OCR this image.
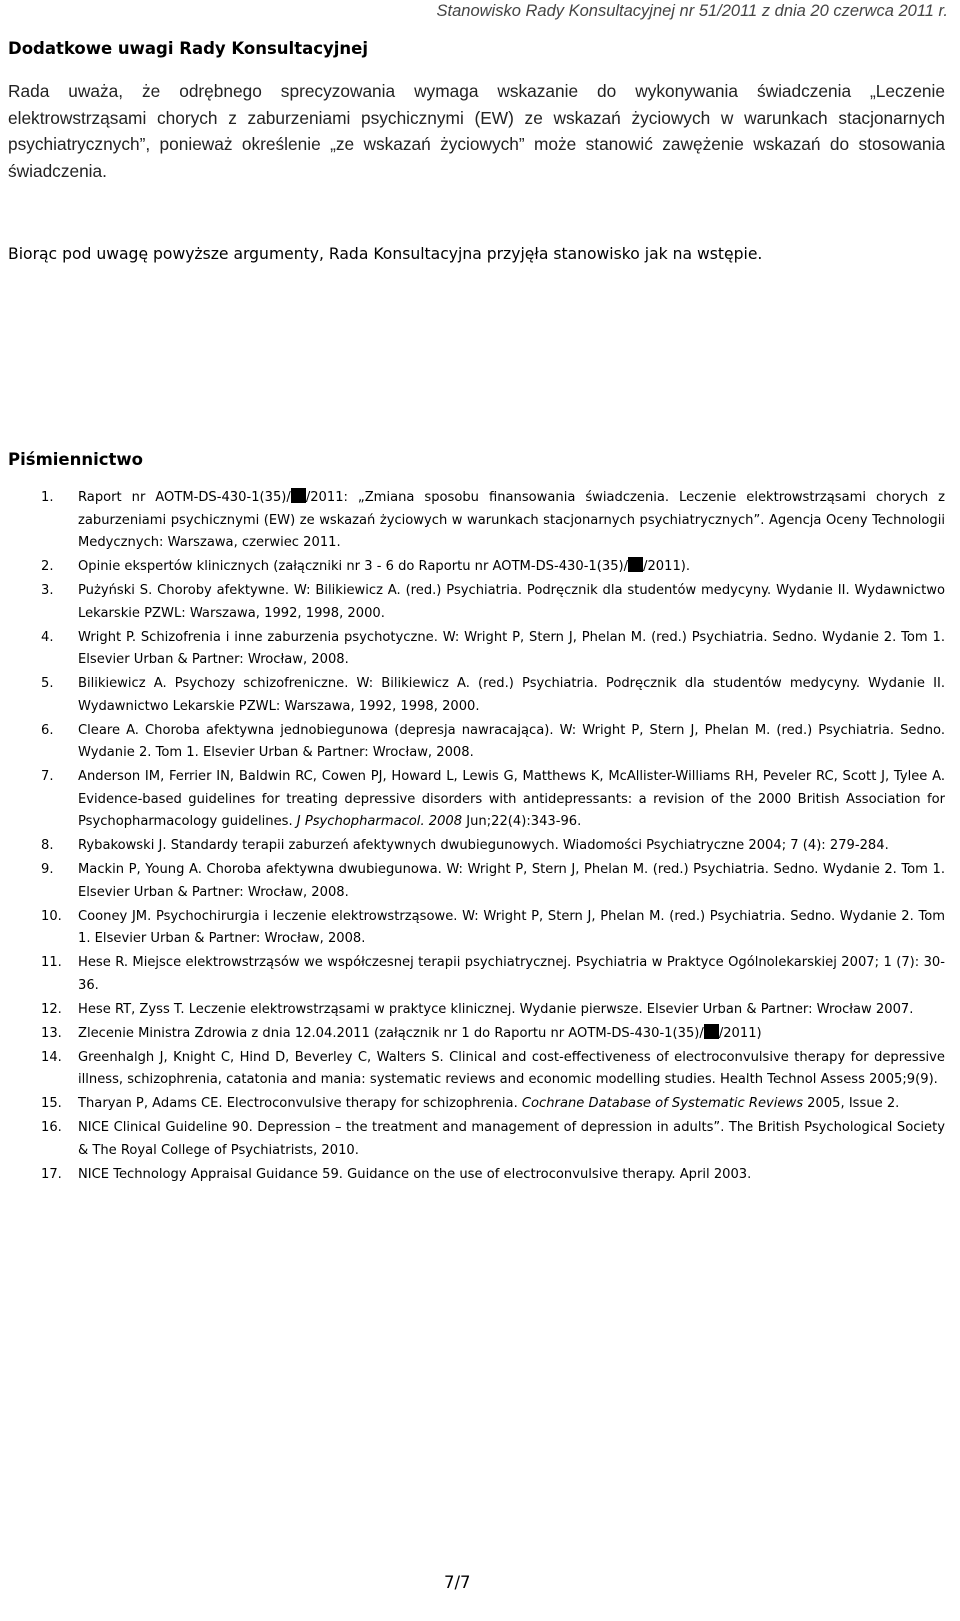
Stanowisko Rady Konsultacyjnej nr 51/2011 z dnia 20 czerwca 2011 r.
Dodatkowe uwagi Rady Konsultacyjnej
Rada uważa, że odrębnego sprecyzowania wymaga wskazanie do wykonywania świadczenia „Leczenie elektrowstrząsami chorych z zaburzeniami psychicznymi (EW) ze wskazań życiowych w warunkach stacjonarnych psychiatrycznych”, ponieważ określenie „ze wskazań życiowych” może stanowić zawężenie wskazań do stosowania świadczenia.
Biorąc pod uwagę powyższe argumenty, Rada Konsultacyjna przyjęła stanowisko jak na wstępie.
Piśmiennictwo
1. Raport nr AOTM-DS-430-1(35)/ /2011: „Zmiana sposobu finansowania świadczenia. Leczenie elektrowstrząsami chorych z zaburzeniami psychicznymi (EW) ze wskazań życiowych w warunkach stacjonarnych psychiatrycznych”. Agencja Oceny Technologii Medycznych: Warszawa, czerwiec 2011.
2. Opinie ekspertów klinicznych (załączniki nr 3 - 6 do Raportu nr AOTM-DS-430-1(35)/ /2011).
3. Pużyński S. Choroby afektywne. W: Bilikiewicz A. (red.) Psychiatria. Podręcznik dla studentów medycyny. Wydanie II. Wydawnictwo Lekarskie PZWL: Warszawa, 1992, 1998, 2000.
4. Wright P. Schizofrenia i inne zaburzenia psychotyczne. W: Wright P, Stern J, Phelan M. (red.) Psychiatria. Sedno. Wydanie 2. Tom 1. Elsevier Urban & Partner: Wrocław, 2008.
5. Bilikiewicz A. Psychozy schizofreniczne. W: Bilikiewicz A. (red.) Psychiatria. Podręcznik dla studentów medycyny. Wydanie II. Wydawnictwo Lekarskie PZWL: Warszawa, 1992, 1998, 2000.
6. Cleare A. Choroba afektywna jednobiegunowa (depresja nawracająca). W: Wright P, Stern J, Phelan M. (red.) Psychiatria. Sedno. Wydanie 2. Tom 1. Elsevier Urban & Partner: Wrocław, 2008.
7. Anderson IM, Ferrier IN, Baldwin RC, Cowen PJ, Howard L, Lewis G, Matthews K, McAllister-Williams RH, Peveler RC, Scott J, Tylee A. Evidence-based guidelines for treating depressive disorders with antidepressants: a revision of the 2000 British Association for Psychopharmacology guidelines. J Psychopharmacol. 2008 Jun;22(4):343-96.
8. Rybakowski J. Standardy terapii zaburzeń afektywnych dwubiegunowych. Wiadomości Psychiatryczne 2004; 7 (4): 279-284.
9. Mackin P, Young A. Choroba afektywna dwubiegunowa. W: Wright P, Stern J, Phelan M. (red.) Psychiatria. Sedno. Wydanie 2. Tom 1. Elsevier Urban & Partner: Wrocław, 2008.
10. Cooney JM. Psychochirurgia i leczenie elektrowstrząsowe. W: Wright P, Stern J, Phelan M. (red.) Psychiatria. Sedno. Wydanie 2. Tom 1. Elsevier Urban & Partner: Wrocław, 2008.
11. Hese R. Miejsce elektrowstrząsów we współczesnej terapii psychiatrycznej. Psychiatria w Praktyce Ogólnolekarskiej 2007; 1 (7): 30-36.
12. Hese RT, Zyss T. Leczenie elektrowstrząsami w praktyce klinicznej. Wydanie pierwsze. Elsevier Urban & Partner: Wrocław 2007.
13. Zlecenie Ministra Zdrowia z dnia 12.04.2011 (załącznik nr 1 do Raportu nr AOTM-DS-430-1(35)/ /2011)
14. Greenhalgh J, Knight C, Hind D, Beverley C, Walters S. Clinical and cost-effectiveness of electroconvulsive therapy for depressive illness, schizophrenia, catatonia and mania: systematic reviews and economic modelling studies. Health Technol Assess 2005;9(9).
15. Tharyan P, Adams CE. Electroconvulsive therapy for schizophrenia. Cochrane Database of Systematic Reviews 2005, Issue 2.
16. NICE Clinical Guideline 90. Depression – the treatment and management of depression in adults”. The British Psychological Society & The Royal College of Psychiatrists, 2010.
17. NICE Technology Appraisal Guidance 59. Guidance on the use of electroconvulsive therapy. April 2003.
7/7
